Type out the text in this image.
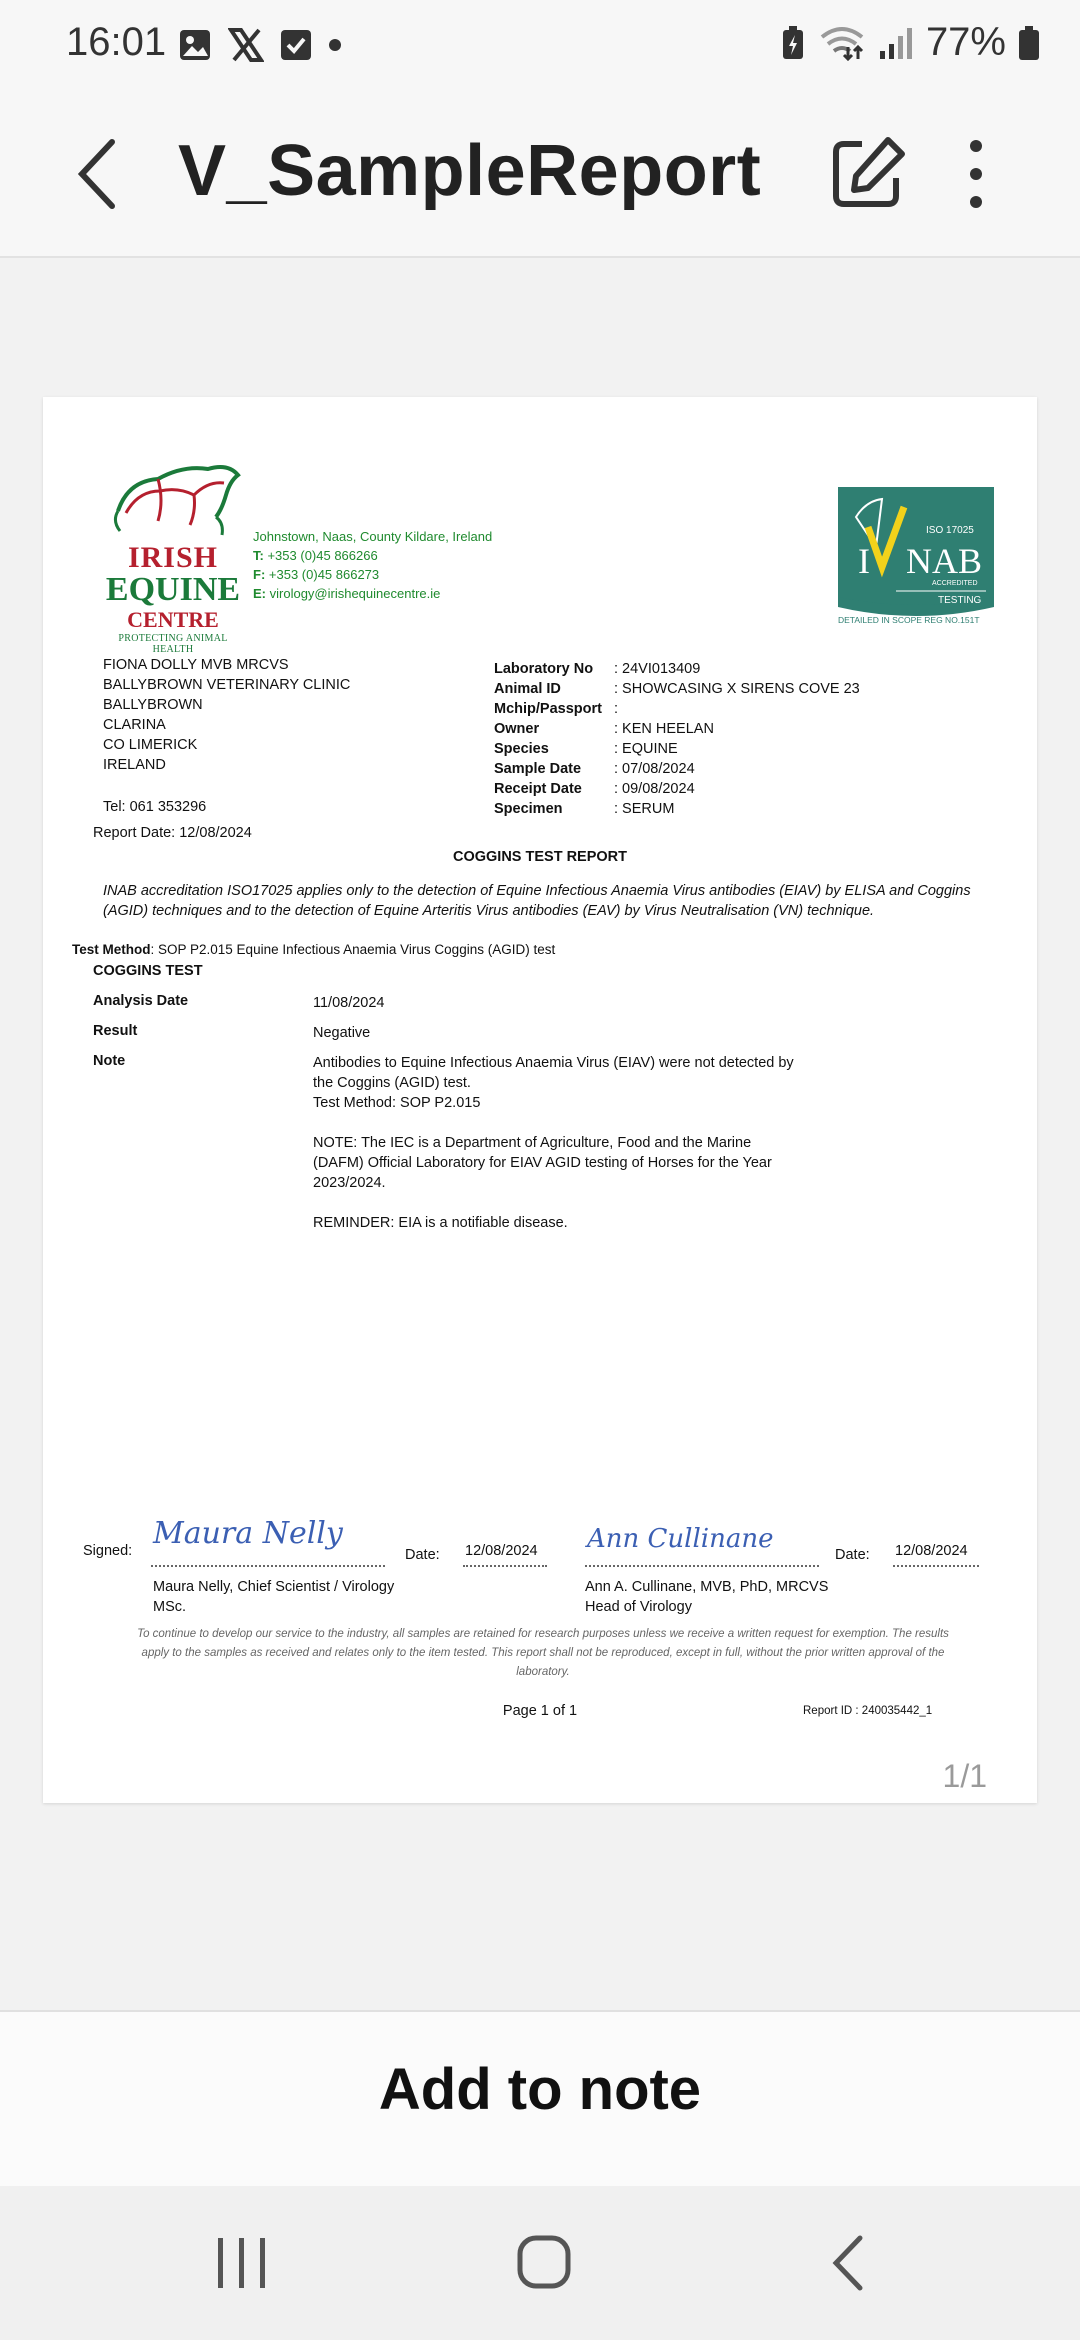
16:01	77%
V_SampleReport
IRISH
EQUINE
CENTRE
PROTECTING ANIMAL HEALTH
Johnstown, Naas, County Kildare, Ireland
T: +353 (0)45 866266
F: +353 (0)45 866273
E: virology@irishequinecentre.ie
ISO 17025
I NAB
ACCREDITED
TESTING
DETAILED IN SCOPE REG NO.151T
FIONA DOLLY MVB MRCVS
BALLYBROWN VETERINARY CLINIC
BALLYBROWN
CLARINA
CO LIMERICK
IRELAND
Tel: 061 353296
Report Date: 12/08/2024
Laboratory No	: 24VI013409
Animal ID	: SHOWCASING X SIRENS COVE 23
Mchip/Passport :
Owner	: KEN HEELAN
Species	: EQUINE
Sample Date	: 07/08/2024
Receipt Date	: 09/08/2024
Specimen	: SERUM
COGGINS TEST REPORT
INAB accreditation ISO17025 applies only to the detection of Equine Infectious Anaemia Virus antibodies (EIAV) by ELISA and Coggins (AGID) techniques and to the detection of Equine Arteritis Virus antibodies (EAV) by Virus Neutralisation (VN) technique.
Test Method: SOP P2.015 Equine Infectious Anaemia Virus Coggins (AGID) test
COGGINS TEST
Analysis Date	11/08/2024
Result	Negative
Note	Antibodies to Equine Infectious Anaemia Virus (EIAV) were not detected by
the Coggins (AGID) test.
Test Method: SOP P2.015
NOTE: The IEC is a Department of Agriculture, Food and the Marine
(DAFM) Official Laboratory for EIAV AGID testing of Horses for the Year
2023/2024.
REMINDER: EIA is a notifiable disease.
Signed: Maura Nelly
Date: 12/08/2024 Ann Cullinane
Date: 12/08/2024
Maura Nelly, Chief Scientist / Virology
MSc.
Ann A. Cullinane, MVB, PhD, MRCVS
Head of Virology
To continue to develop our service to the industry, all samples are retained for research purposes unless we receive a written request for exemption. The results apply to the samples as received and relates only to the item tested. This report shall not be reproduced, except in full, without the prior written approval of the laboratory.
Page 1 of 1	Report ID : 240035442_1
1/1
Add to note
